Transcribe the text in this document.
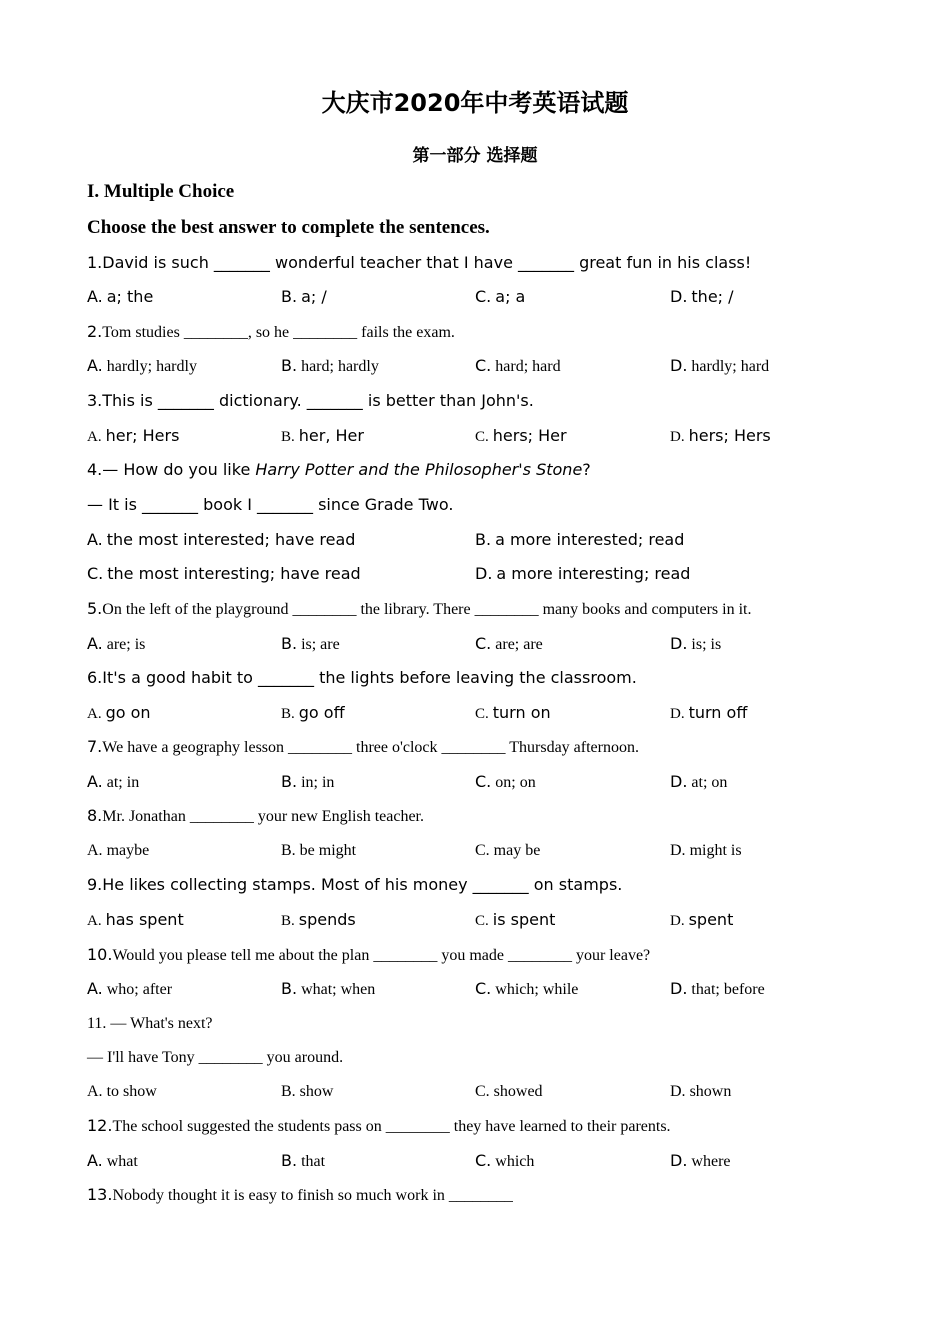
大庆市2020年中考英语试题
第一部分 选择题
I. Multiple Choice
Choose the best answer to complete the sentences.
1.David is such _______ wonderful teacher that I have _______ great fun in his class!
A. a; the	B. a; /	C. a; a	D. the; /
2.Tom studies ________, so he ________ fails the exam.
A. hardly; hardly	B. hard; hardly	C. hard; hard	D. hardly; hard
3.This is _______ dictionary. _______ is better than John's.
A. her; Hers	B. her, Her	C. hers; Her	D. hers; Hers
4.— How do you like Harry Potter and the Philosopher's Stone?
— It is _______ book I _______ since Grade Two.
A. the most interested; have read	B. a more interested; read
C. the most interesting; have read	D. a more interesting; read
5.On the left of the playground ________ the library. There ________ many books and computers in it.
A. are; is	B. is; are	C. are; are	D. is; is
6.It's a good habit to _______ the lights before leaving the classroom.
A. go on	B. go off	C. turn on	D. turn off
7.We have a geography lesson ________ three o'clock ________ Thursday afternoon.
A. at; in	B. in; in	C. on; on	D. at; on
8.Mr. Jonathan ________ your new English teacher.
A. maybe	B. be might	C. may be	D. might is
9.He likes collecting stamps. Most of his money _______ on stamps.
A. has spent	B. spends	C. is spent	D. spent
10.Would you please tell me about the plan ________ you made ________ your leave?
A. who; after	B. what; when	C. which; while	D. that; before
11. — What's next?
— I'll have Tony ________ you around.
A. to show	B. show	C. showed	D. shown
12.The school suggested the students pass on ________ they have learned to their parents.
A. what	B. that	C. which	D. where
13.Nobody thought it is easy to finish so much work in ________
